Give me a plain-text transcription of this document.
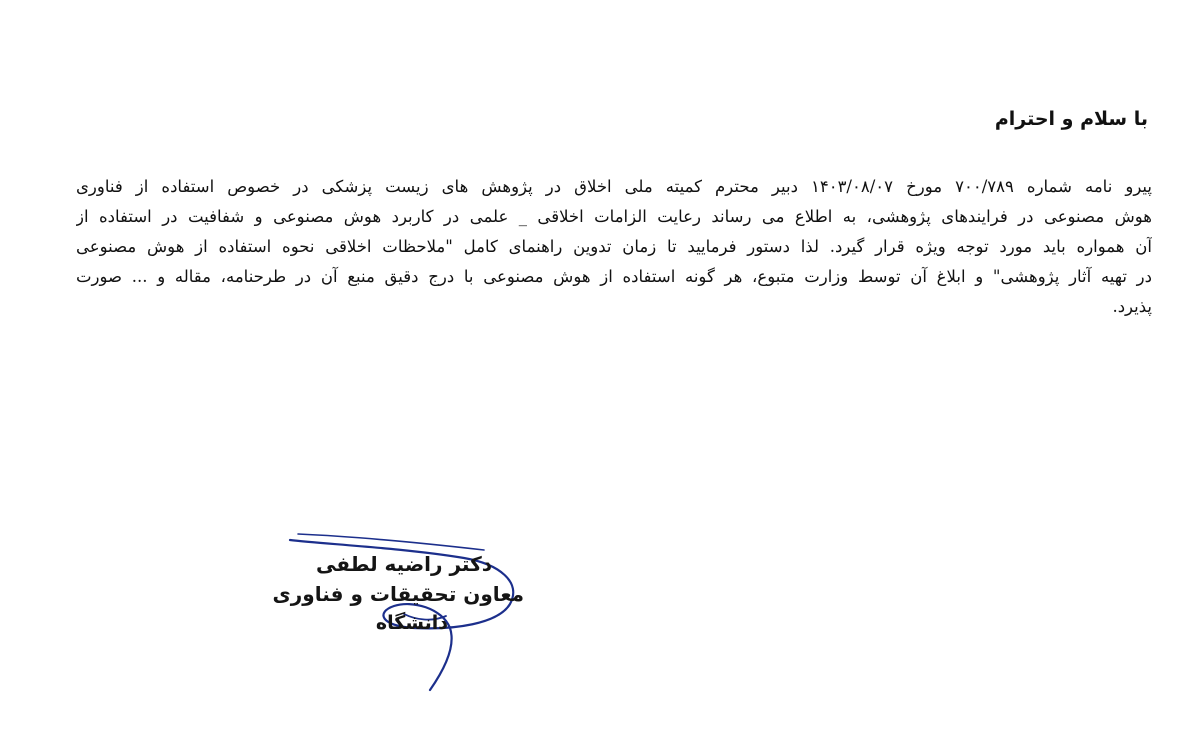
با سلام و احترام

پیرو نامه شماره ۷۰۰/۷۸۹ مورخ ۱۴۰۳/۰۸/۰۷ دبیر محترم کمیته ملی اخلاق در پژوهش های زیست پزشکی در خصوص استفاده از فناوری
هوش مصنوعی در فرایندهای پژوهشی، به اطلاع می رساند رعایت الزامات اخلاقی _ علمی در کاربرد هوش مصنوعی و شفافیت در استفاده از
آن همواره باید مورد توجه ویژه قرار گیرد. لذا دستور فرمایید تا زمان تدوین راهنمای کامل "ملاحظات اخلاقی نحوه استفاده از هوش مصنوعی
در تهیه آثار پژوهشی" و ابلاغ آن توسط وزارت متبوع، هر گونه استفاده از هوش مصنوعی با درج دقیق منبع آن در طرحنامه، مقاله و ... صورت
پذیرد.
دکتر راضیه لطفی
معاون تحقیقات و فناوری
دانشگاه
